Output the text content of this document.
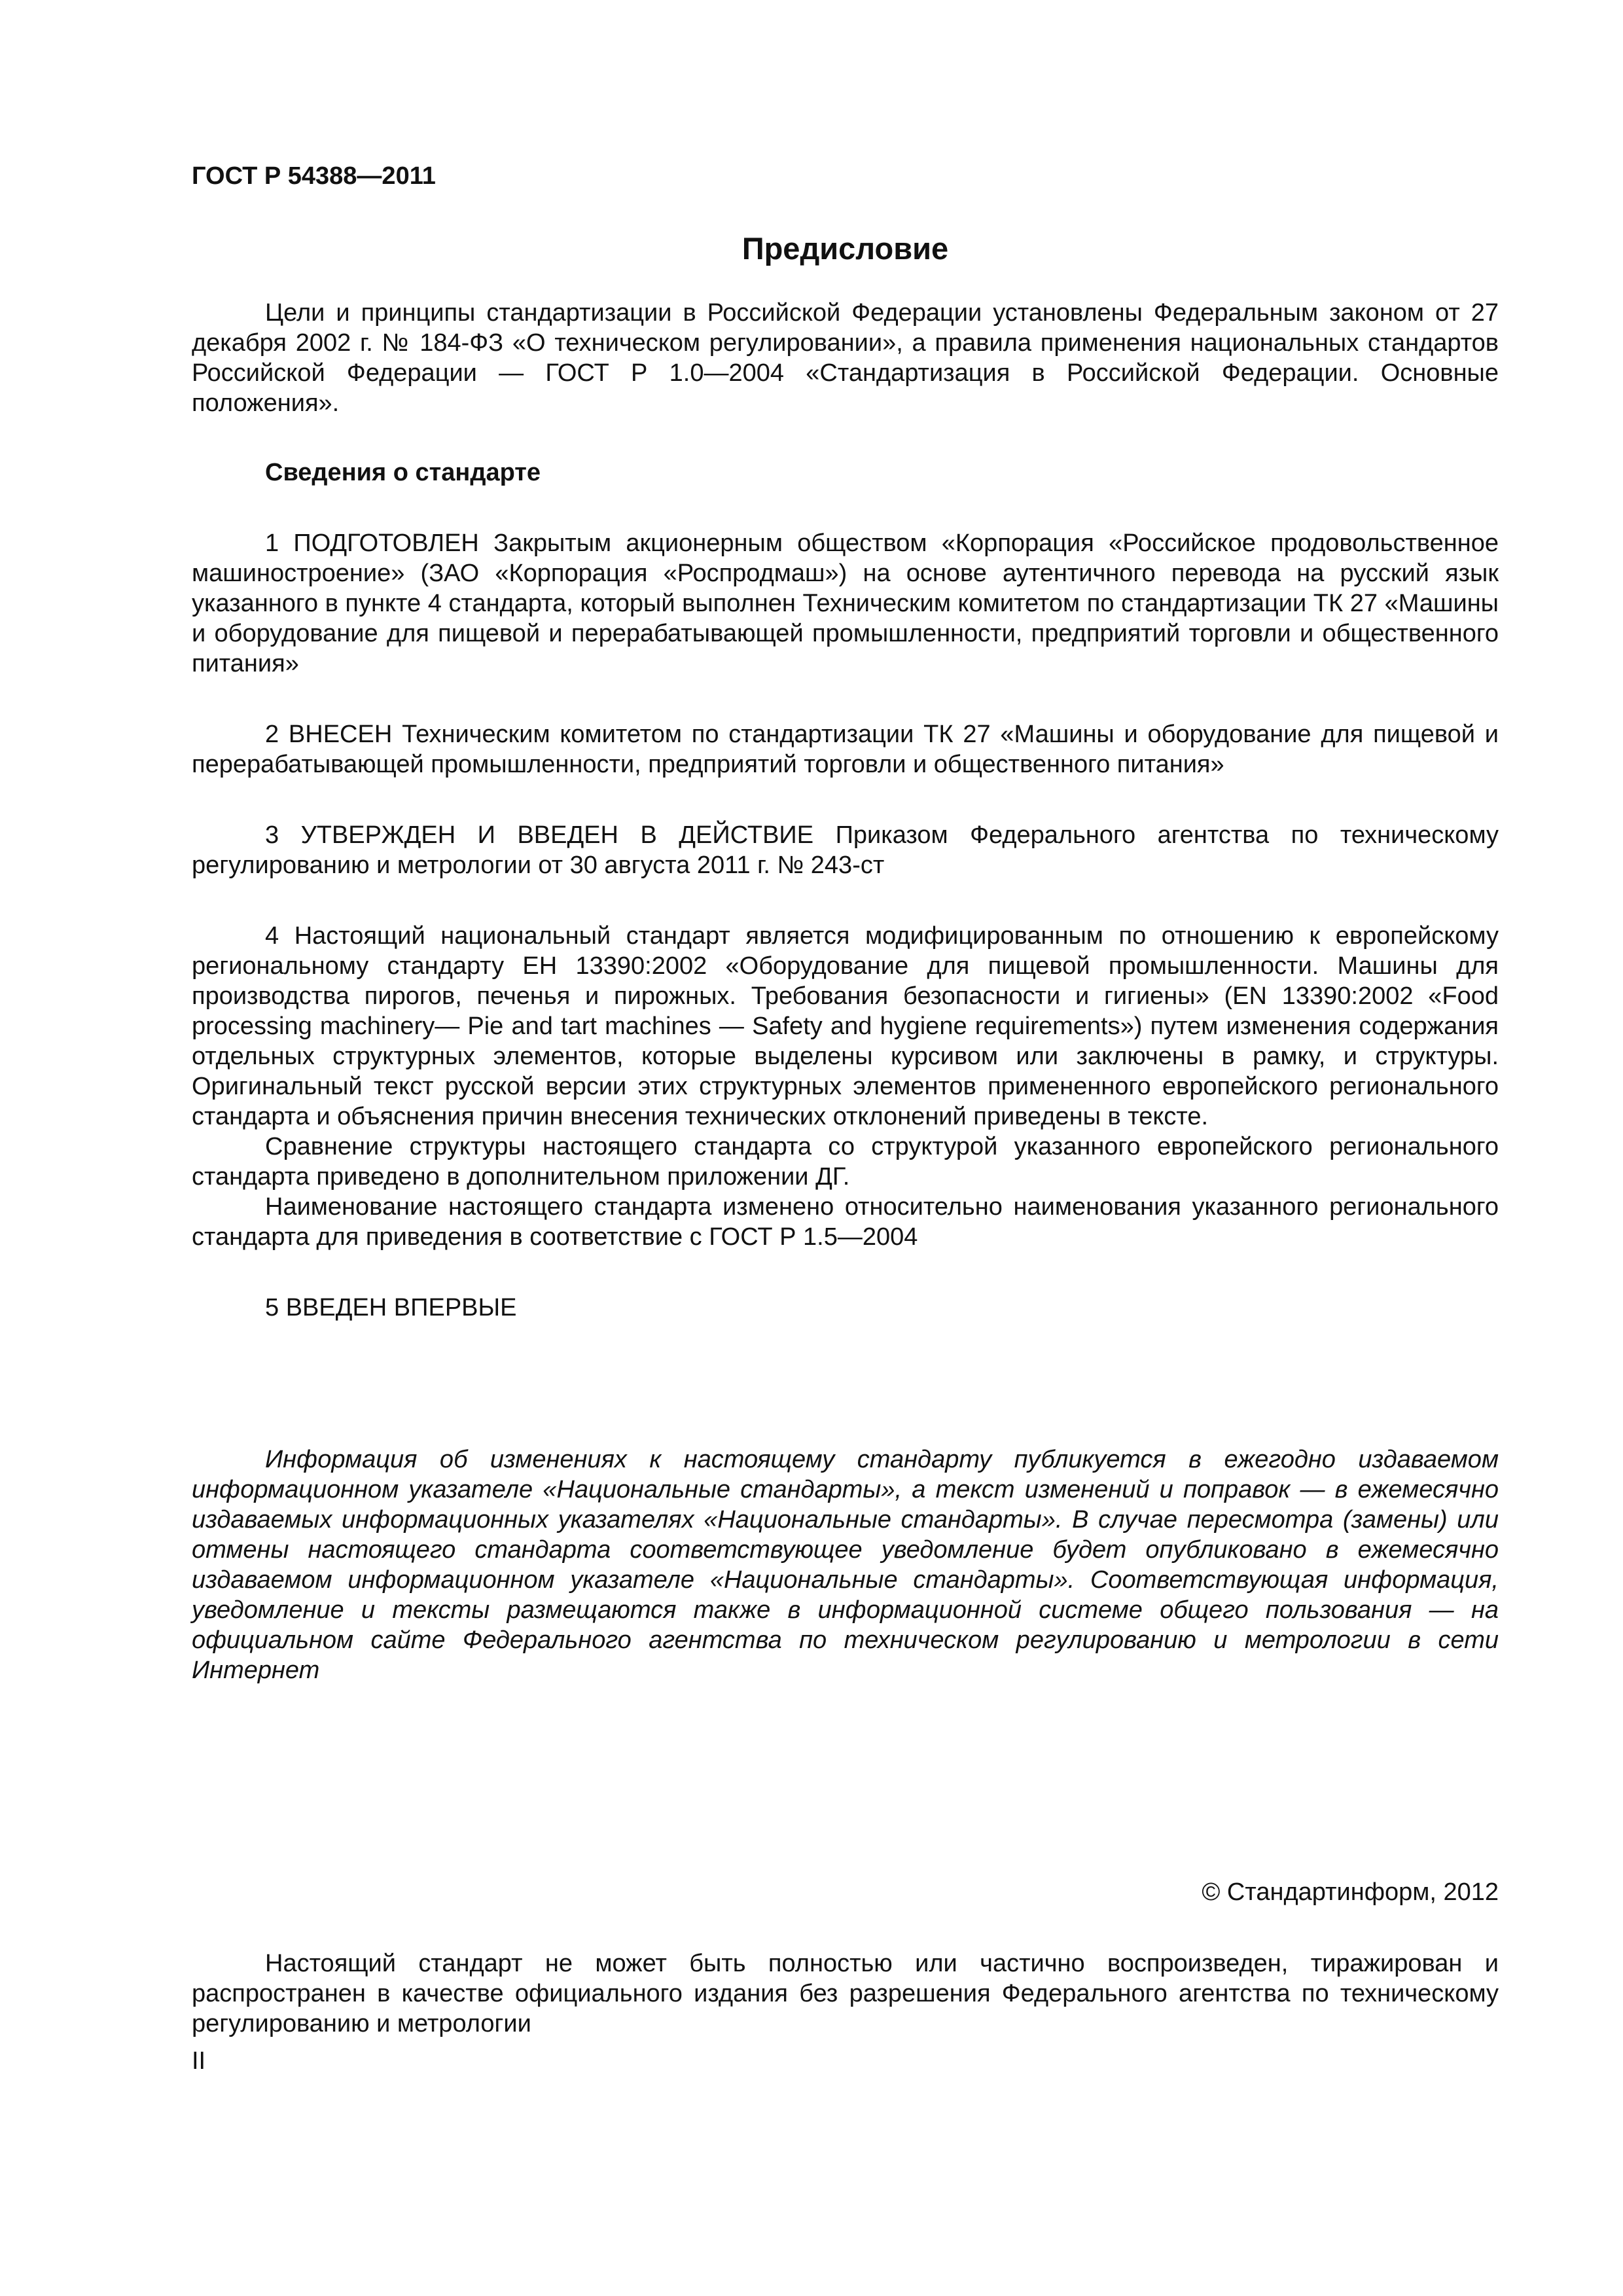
ГОСТ Р 54388—2011

Предисловие

Цели и принципы стандартизации в Российской Федерации установлены Федеральным законом от 27 декабря 2002 г. № 184-ФЗ «О техническом регулировании», а правила применения национальных стандартов Российской Федерации — ГОСТ Р 1.0—2004 «Стандартизация в Российской Федерации. Основные положения».

Сведения о стандарте

1 ПОДГОТОВЛЕН Закрытым акционерным обществом «Корпорация «Российское продовольственное машиностроение» (ЗАО «Корпорация «Роспродмаш») на основе аутентичного перевода на русский язык указанного в пункте 4 стандарта, который выполнен Техническим комитетом по стандартизации ТК 27 «Машины и оборудование для пищевой и перерабатывающей промышленности, предприятий торговли и общественного питания»

2 ВНЕСЕН Техническим комитетом по стандартизации ТК 27 «Машины и оборудование для пищевой и перерабатывающей промышленности, предприятий торговли и общественного питания»

3 УТВЕРЖДЕН И ВВЕДЕН В ДЕЙСТВИЕ Приказом Федерального агентства по техническому регулированию и метрологии от 30 августа 2011 г. № 243-ст

4 Настоящий национальный стандарт является модифицированным по отношению к европейскому региональному стандарту ЕН 13390:2002 «Оборудование для пищевой промышленности. Машины для производства пирогов, печенья и пирожных. Требования безопасности и гигиены» (EN 13390:2002 «Food processing machinery— Pie and tart machines — Safety and hygiene requirements») путем изменения содержания отдельных структурных элементов, которые выделены курсивом или заключены в рамку, и структуры. Оригинальный текст русской версии этих структурных элементов примененного европейского регионального стандарта и объяснения причин внесения технических отклонений приведены в тексте.

Сравнение структуры настоящего стандарта со структурой указанного европейского регионального стандарта приведено в дополнительном приложении ДГ.

Наименование настоящего стандарта изменено относительно наименования указанного регионального стандарта для приведения в соответствие с ГОСТ Р 1.5—2004

5 ВВЕДЕН ВПЕРВЫЕ

Информация об изменениях к настоящему стандарту публикуется в ежегодно издаваемом информационном указателе «Национальные стандарты», а текст изменений и поправок — в ежемесячно издаваемых информационных указателях «Национальные стандарты». В случае пересмотра (замены) или отмены настоящего стандарта соответствующее уведомление будет опубликовано в ежемесячно издаваемом информационном указателе «Национальные стандарты». Соответствующая информация, уведомление и тексты размещаются также в информационной системе общего пользования — на официальном сайте Федерального агентства по техническом регулированию и метрологии в сети Интернет

© Стандартинформ, 2012

Настоящий стандарт не может быть полностью или частично воспроизведен, тиражирован и распространен в качестве официального издания без разрешения Федерального агентства по техническому регулированию и метрологии

II
